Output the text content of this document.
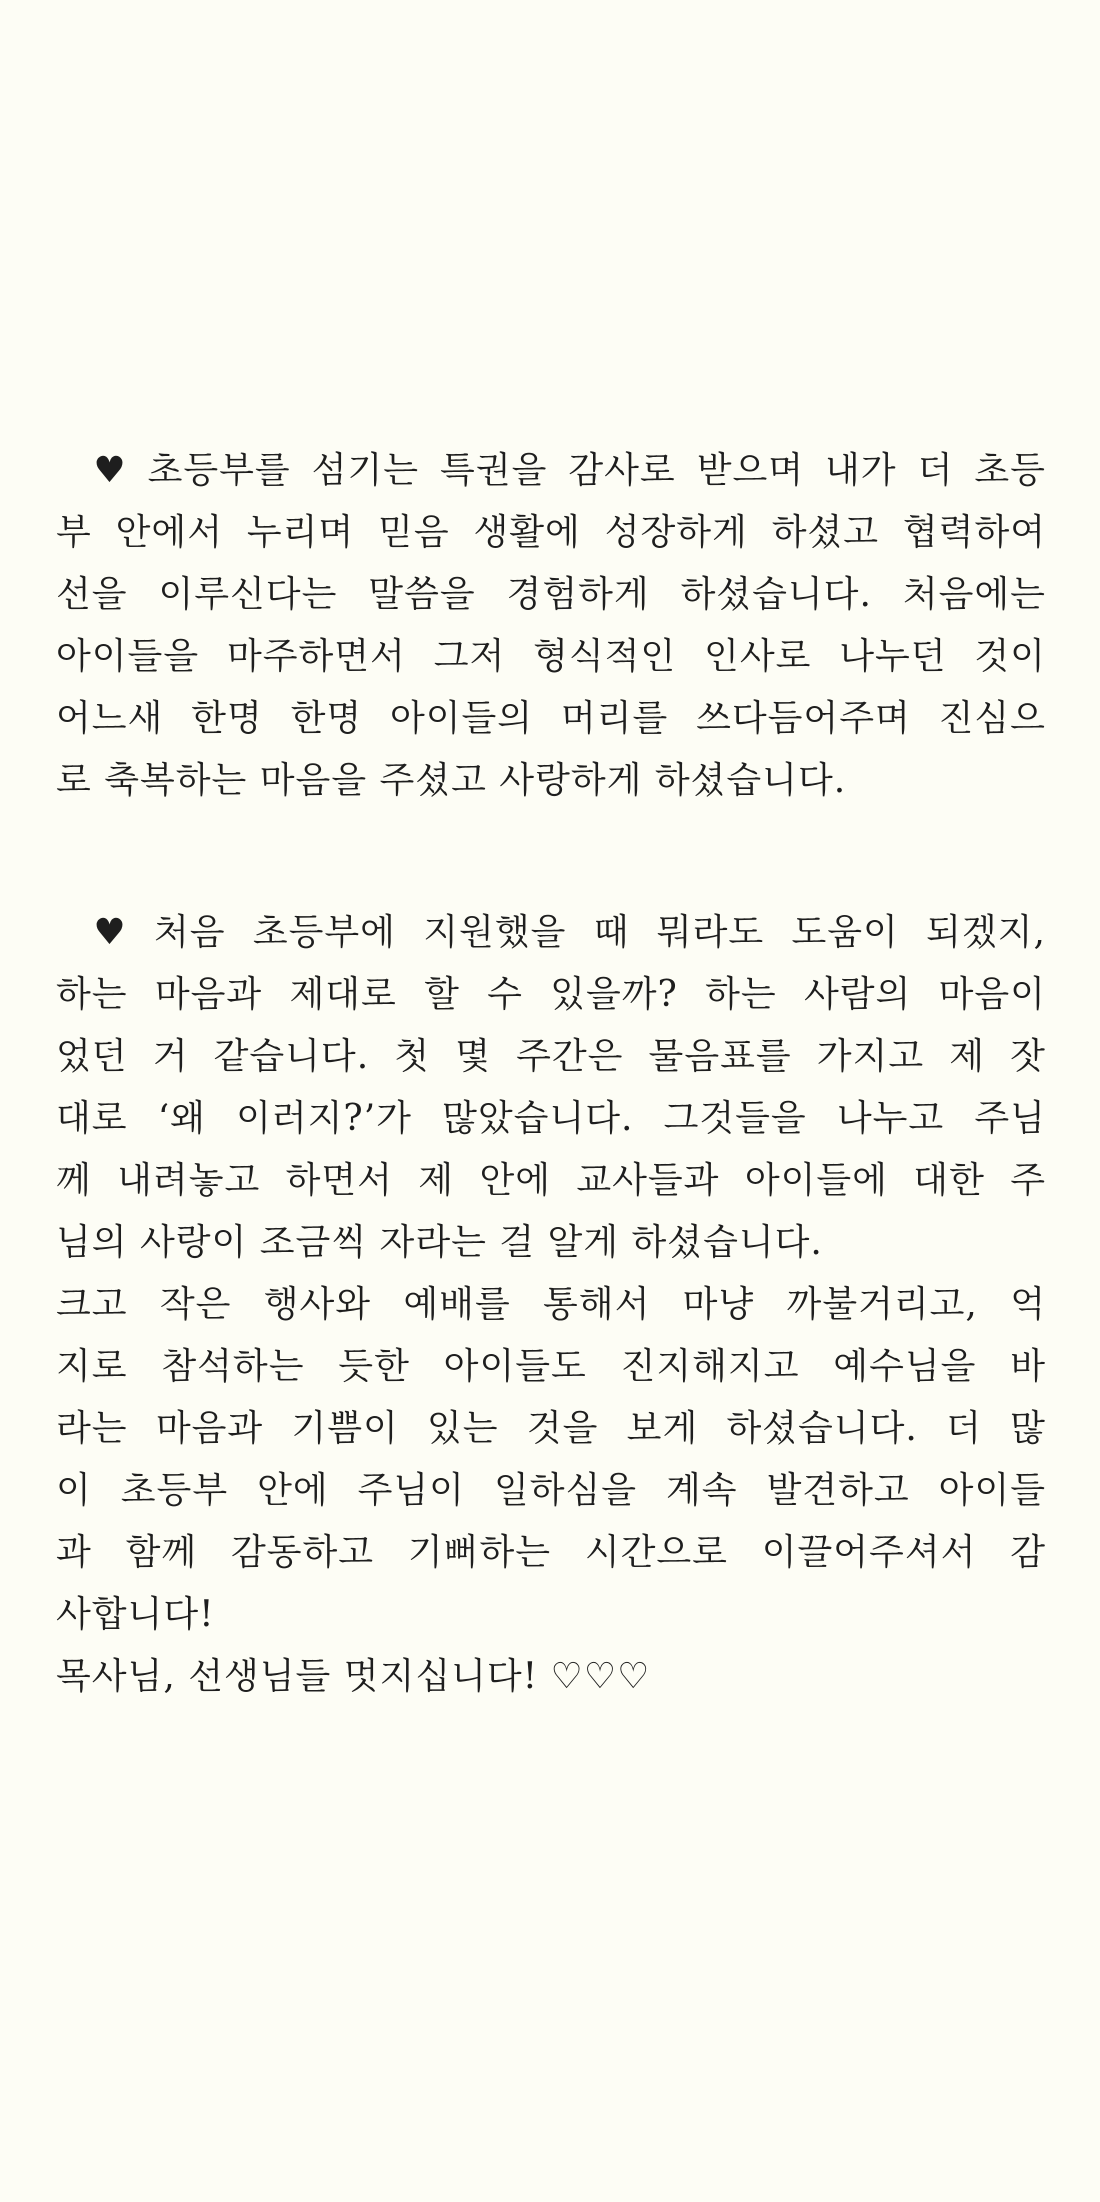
♥ 초등부를 섬기는 특권을 감사로 받으며 내가 더 초등
부 안에서 누리며 믿음 생활에 성장하게 하셨고 협력하여
선을 이루신다는 말씀을 경험하게 하셨습니다. 처음에는
아이들을 마주하면서 그저 형식적인 인사로 나누던 것이
어느새 한명 한명 아이들의 머리를 쓰다듬어주며 진심으
로 축복하는 마음을 주셨고 사랑하게 하셨습니다.
♥ 처음 초등부에 지원했을 때 뭐라도 도움이 되겠지,
하는 마음과 제대로 할 수 있을까? 하는 사람의 마음이
었던 거 같습니다. 첫 몇 주간은 물음표를 가지고 제 잣
대로 ‘왜 이러지?’가 많았습니다. 그것들을 나누고 주님
께 내려놓고 하면서 제 안에 교사들과 아이들에 대한 주
님의 사랑이 조금씩 자라는 걸 알게 하셨습니다.
크고 작은 행사와 예배를 통해서 마냥 까불거리고, 억
지로 참석하는 듯한 아이들도 진지해지고 예수님을 바
라는 마음과 기쁨이 있는 것을 보게 하셨습니다. 더 많
이 초등부 안에 주님이 일하심을 계속 발견하고 아이들
과 함께 감동하고 기뻐하는 시간으로 이끌어주셔서 감
사합니다!
목사님, 선생님들 멋지십니다! ♡♡♡
